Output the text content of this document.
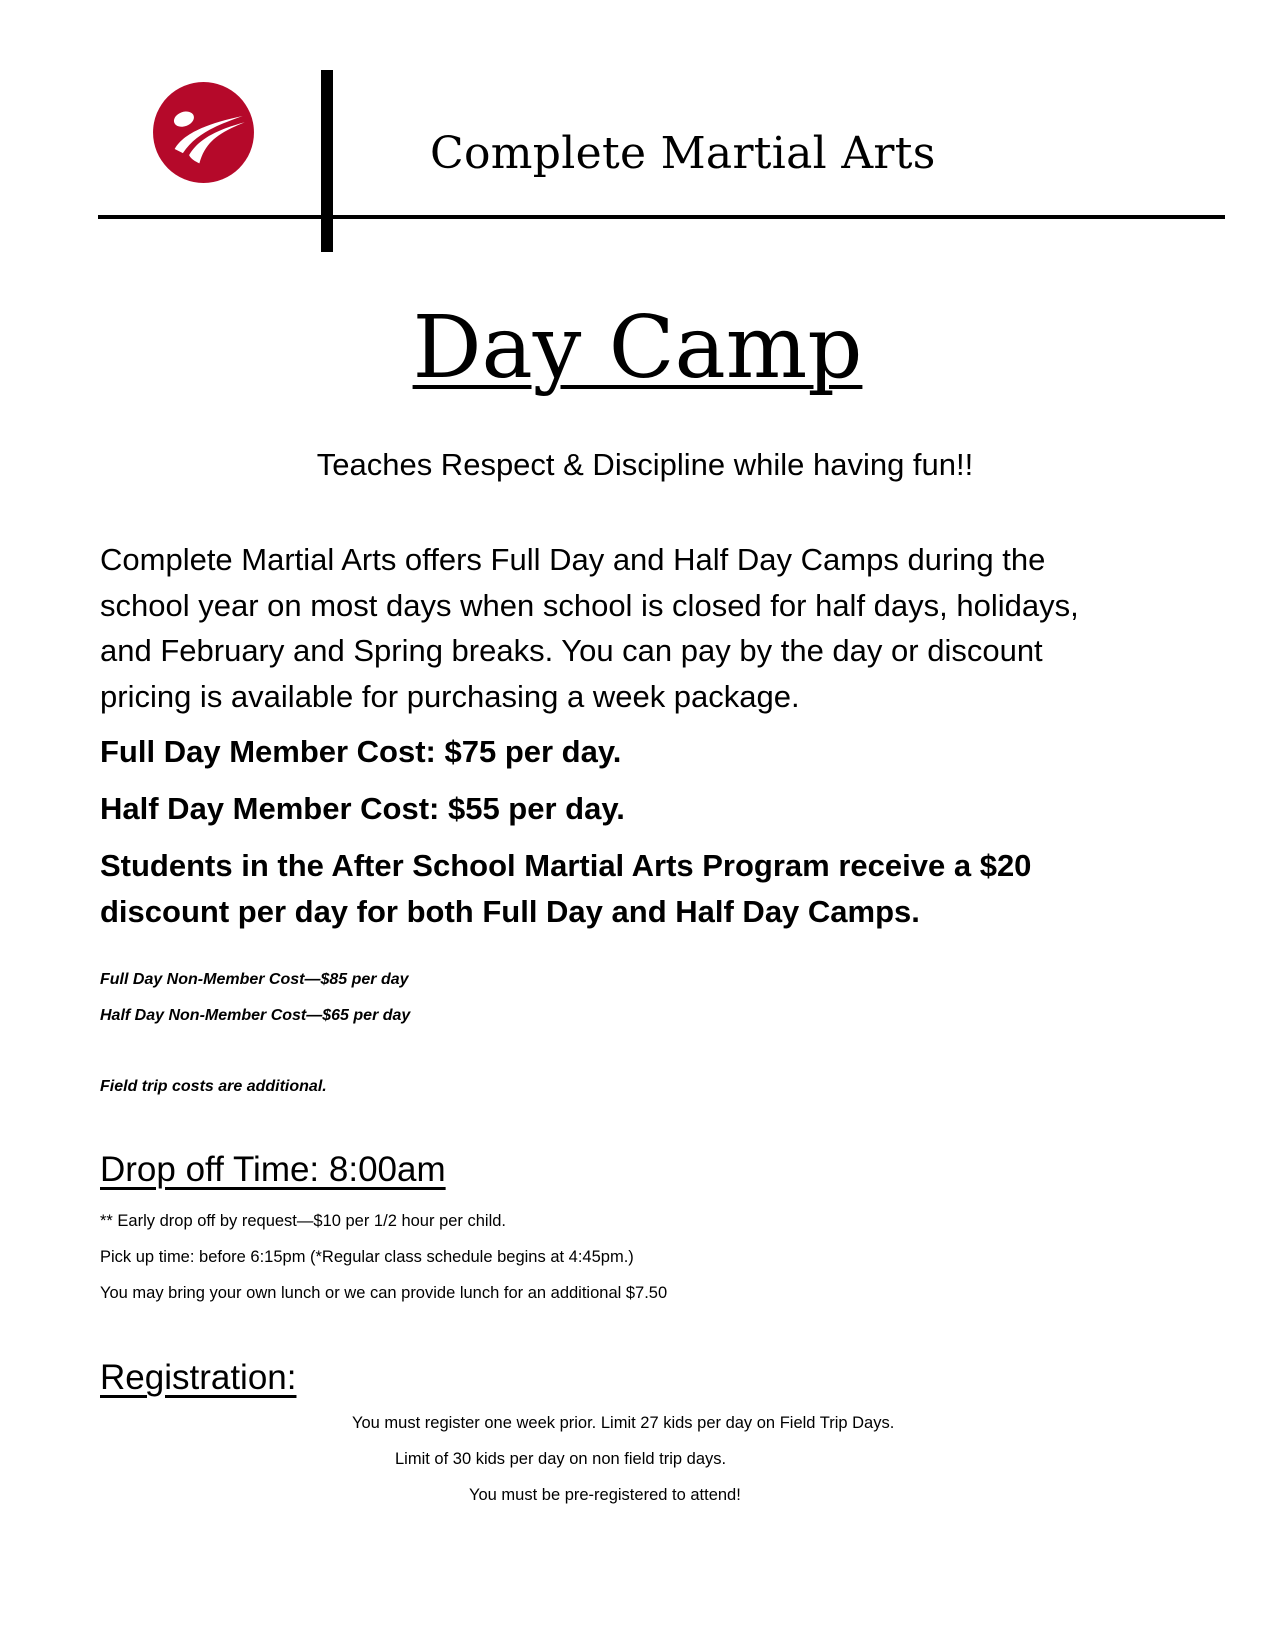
Complete Martial Arts
Day Camp
Teaches Respect & Discipline while having fun!!
Complete Martial Arts offers Full Day and Half Day Camps during the
school year on most days when school is closed for half days, holidays,
and February and Spring breaks. You can pay by the day or discount
pricing is available for purchasing a week package.
Full Day Member Cost: $75 per day.
Half Day Member Cost: $55 per day.
Students in the After School Martial Arts Program receive a $20
discount per day for both Full Day and Half Day Camps.
Full Day Non-Member Cost—$85 per day
Half Day Non-Member Cost—$65 per day
Field trip costs are additional.
Drop off Time: 8:00am
** Early drop off by request—$10 per 1/2 hour per child.
Pick up time: before 6:15pm (*Regular class schedule begins at 4:45pm.)
You may bring your own lunch or we can provide lunch for an additional $7.50
Registration:
You must register one week prior. Limit 27 kids per day on Field Trip Days.
Limit of 30 kids per day on non field trip days.
You must be pre-registered to attend!
